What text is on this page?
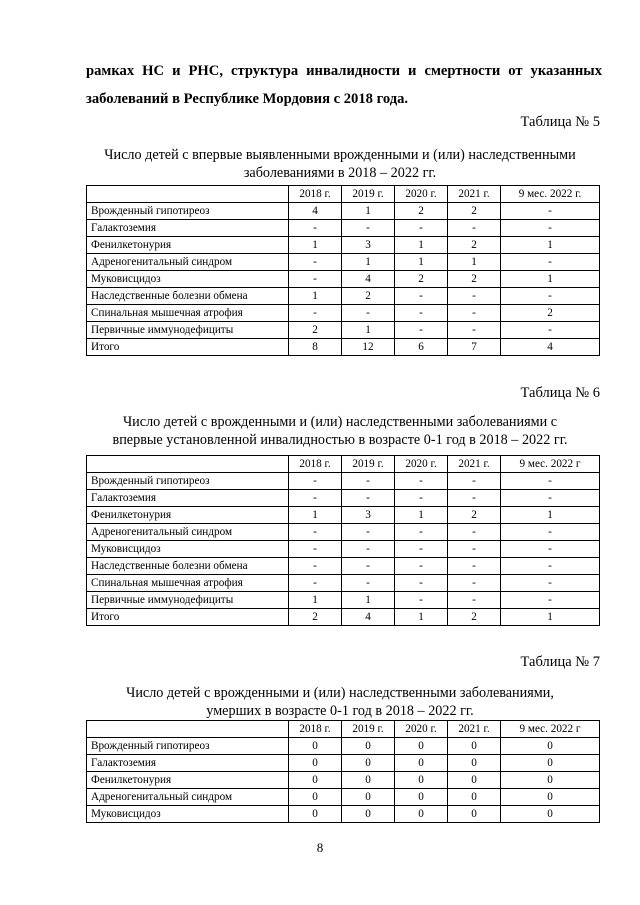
рамках НС и РНС, структура инвалидности и смертности от указанных

заболеваний в Республике Мордовия с 2018 года.

Таблица № 5

Число детей с впервые выявленными врожденными и (или) наследственными

заболеваниями в 2018 – 2022 гг.

	2018 г.	2019 г.	2020 г.	2021 г.	9 мес. 2022 г.
Врожденный гипотиреоз	4	1	2	2	-
Галактоземия	-	-	-	-	-
Фенилкетонурия	1	3	1	2	1
Адреногенитальный синдром	-	1	1	1	-
Муковисцидоз	-	4	2	2	1
Наследственные болезни обмена	1	2	-	-	-
Спинальная мышечная атрофия	-	-	-	-	2
Первичные иммунодефициты	2	1	-	-	-
Итого	8	12	6	7	4

Таблица № 6

Число детей с врожденными и (или) наследственными заболеваниями с

впервые установленной инвалидностью в возрасте 0-1 год в 2018 – 2022 гг.

	2018 г.	2019 г.	2020 г.	2021 г.	9 мес. 2022 г
Врожденный гипотиреоз	-	-	-	-	-
Галактоземия	-	-	-	-	-
Фенилкетонурия	1	3	1	2	1
Адреногенитальный синдром	-	-	-	-	-
Муковисцидоз	-	-	-	-	-
Наследственные болезни обмена	-	-	-	-	-
Спинальная мышечная атрофия	-	-	-	-	-
Первичные иммунодефициты	1	1	-	-	-
Итого	2	4	1	2	1

Таблица № 7

Число детей с врожденными и (или) наследственными заболеваниями,

умерших в возрасте 0-1 год в 2018 – 2022 гг.

	2018 г.	2019 г.	2020 г.	2021 г.	9 мес. 2022 г
Врожденный гипотиреоз	0	0	0	0	0
Галактоземия	0	0	0	0	0
Фенилкетонурия	0	0	0	0	0
Адреногенитальный синдром	0	0	0	0	0
Муковисцидоз	0	0	0	0	0

8
